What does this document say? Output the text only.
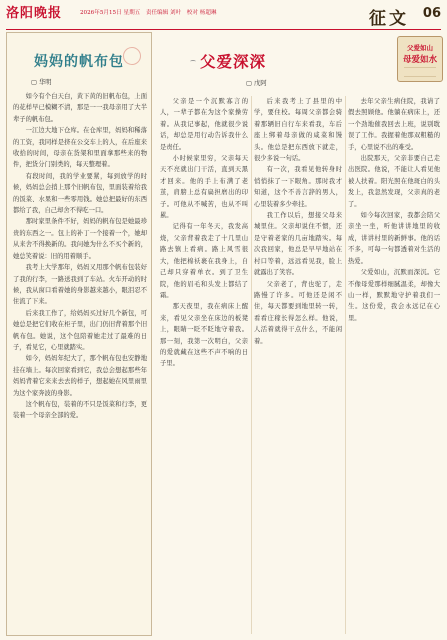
洛阳晚报	2026年5月15日 星期五　责任编辑 刘叶　校对 杨超琳	征文	06
父爱如山
母爱如水
妈妈的帆布包
▢ 华明

如今有个白天白，黄下黄的旧帆布包，上面的花样早已模糊不清，那是一一我母亲用了大半辈子的帆布包。

一江边大地下仓库。在仓库里，妈妈和稀落的工资，我同样是挤在公交车上的人，在后座来收拾的时间，母亲在货架和里面拿那些来的物件，把货分门别类的，每天整理着。

有段时间，我的学业要紧，每到放学的时候，妈妈总会捎上那个旧帆布包，里面装着给我的饭菜、水果和一些零用钱。她总把最好的东西都给了我，自己却舍不得吃一口。

那时家里条件不好，妈妈的帆布包是她最珍贵的东西之一。包上的补丁一个接着一个，她却从来舍不得换新的。我问她为什么不买个新的，她总笑着说：旧的用着顺手。

我考上大学那年，妈妈又用那个帆布包装好了我的行李，一路送我到了车站。火车开动的时候，我从窗口看着她的身影越来越小，眼泪忍不住流了下来。

后来我工作了，给妈妈买过好几个新包，可她总是把它们收在柜子里，出门仍旧背着那个旧帆布包。她说，这个包陪着她走过了最难的日子，看见它，心里就踏实。

如今，妈妈年纪大了，那个帆布包也安静地挂在墙上。每次回家看到它，我总会想起那些年妈妈背着它来来去去的样子，想起她在风里雨里为这个家奔波的身影。

这个帆布包，装着的不只是饭菜和行李，更装着一个母亲全部的爱。

父爱深深
▢ 戊阿

父亲是一个沉默寡言的人，一辈子都在为这个家操劳着。从我记事起，他就很少说话，却总是用行动告诉我什么是责任。

小时候家里穷，父亲每天天不亮就出门干活，直到天黑才回来。他的手上布满了老茧，肩膀上总有扁担磨出的印子。可他从不喊苦，也从不叫累。

记得有一年冬天，我发高烧，父亲背着我走了十几里山路去镇上看病。路上风雪很大，他把棉袄裹在我身上，自己却只穿着单衣。到了卫生院，他的眉毛和头发上都结了霜。

那天夜里，我在病床上醒来，看见父亲坐在床边的板凳上，眼睛一眨不眨地守着我。那一刻，我第一次明白，父亲的爱就藏在这些不声不响的日子里。

后来我考上了县里的中学，要住校。每周父亲都会骑着那辆旧自行车来看我，车后座上绑着母亲做的咸菜和馒头。他总是把东西放下就走，很少多说一句话。

有一次，我看见他转身时悄悄抹了一下眼角。那时我才知道，这个不善言辞的男人，心里装着多少牵挂。

我工作以后，想接父母来城里住。父亲却说住不惯，还是守着老家的几亩地踏实。每次我回家，他总是早早地站在村口等着，远远看见我，脸上就露出了笑容。

父亲老了，背也驼了，走路慢了许多。可他还是闲不住，每天都要到地里转一转，看看庄稼长得怎么样。他说，人活着就得干点什么，不能闲着。

去年父亲生病住院，我请了假去照顾他。他躺在病床上，还一个劲地催我回去上班，说别耽误了工作。我握着他那双粗糙的手，心里说不出的难受。

出院那天，父亲非要自己走出医院。他说，不能让人看见他被人扶着。阳光照在他斑白的头发上，我忽然发现，父亲真的老了。

如今每次回家，我都会陪父亲坐一坐，听他讲讲地里的收成，讲讲村里的新鲜事。他的话不多，可每一句都透着对生活的热爱。

父爱如山，沉默而深沉。它不像母爱那样细腻温柔，却像大山一样，默默地守护着我们一生。这份爱，我会永远记在心里。
